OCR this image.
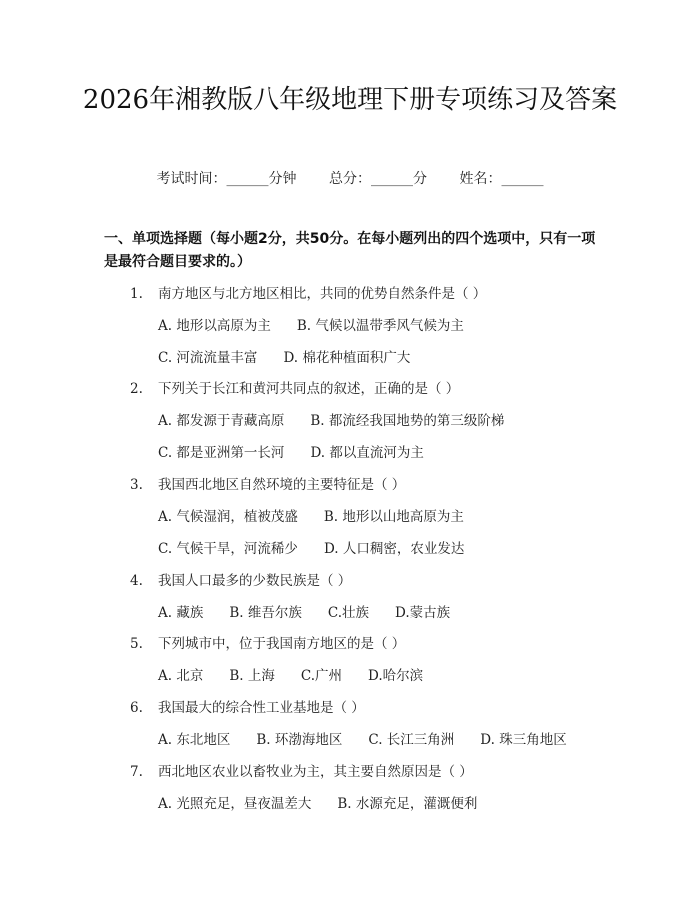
2026年湘教版八年级地理下册专项练习及答案
考试时间：______分钟 总分：______分 姓名：______
一、单项选择题（每小题2分，共50分。在每小题列出的四个选项中，只有一项是最符合题目要求的。）
1. 南方地区与北方地区相比，共同的优势自然条件是（ ）
A. 地形以高原为主 B. 气候以温带季风气候为主
C. 河流流量丰富 D. 棉花种植面积广大
2. 下列关于长江和黄河共同点的叙述，正确的是（ ）
A. 都发源于青藏高原 B. 都流经我国地势的第三级阶梯
C. 都是亚洲第一长河 D. 都以直流河为主
3. 我国西北地区自然环境的主要特征是（ ）
A. 气候湿润，植被茂盛 B. 地形以山地高原为主
C. 气候干旱，河流稀少 D. 人口稠密，农业发达
4. 我国人口最多的少数民族是（ ）
A. 藏族 B. 维吾尔族 C.壮族 D.蒙古族
5. 下列城市中，位于我国南方地区的是（ ）
A. 北京 B. 上海 C.广州 D.哈尔滨
6. 我国最大的综合性工业基地是（ ）
A. 东北地区 B. 环渤海地区 C. 长江三角洲 D. 珠三角地区
7. 西北地区农业以畜牧业为主，其主要自然原因是（ ）
A. 光照充足，昼夜温差大 B. 水源充足，灌溉便利
